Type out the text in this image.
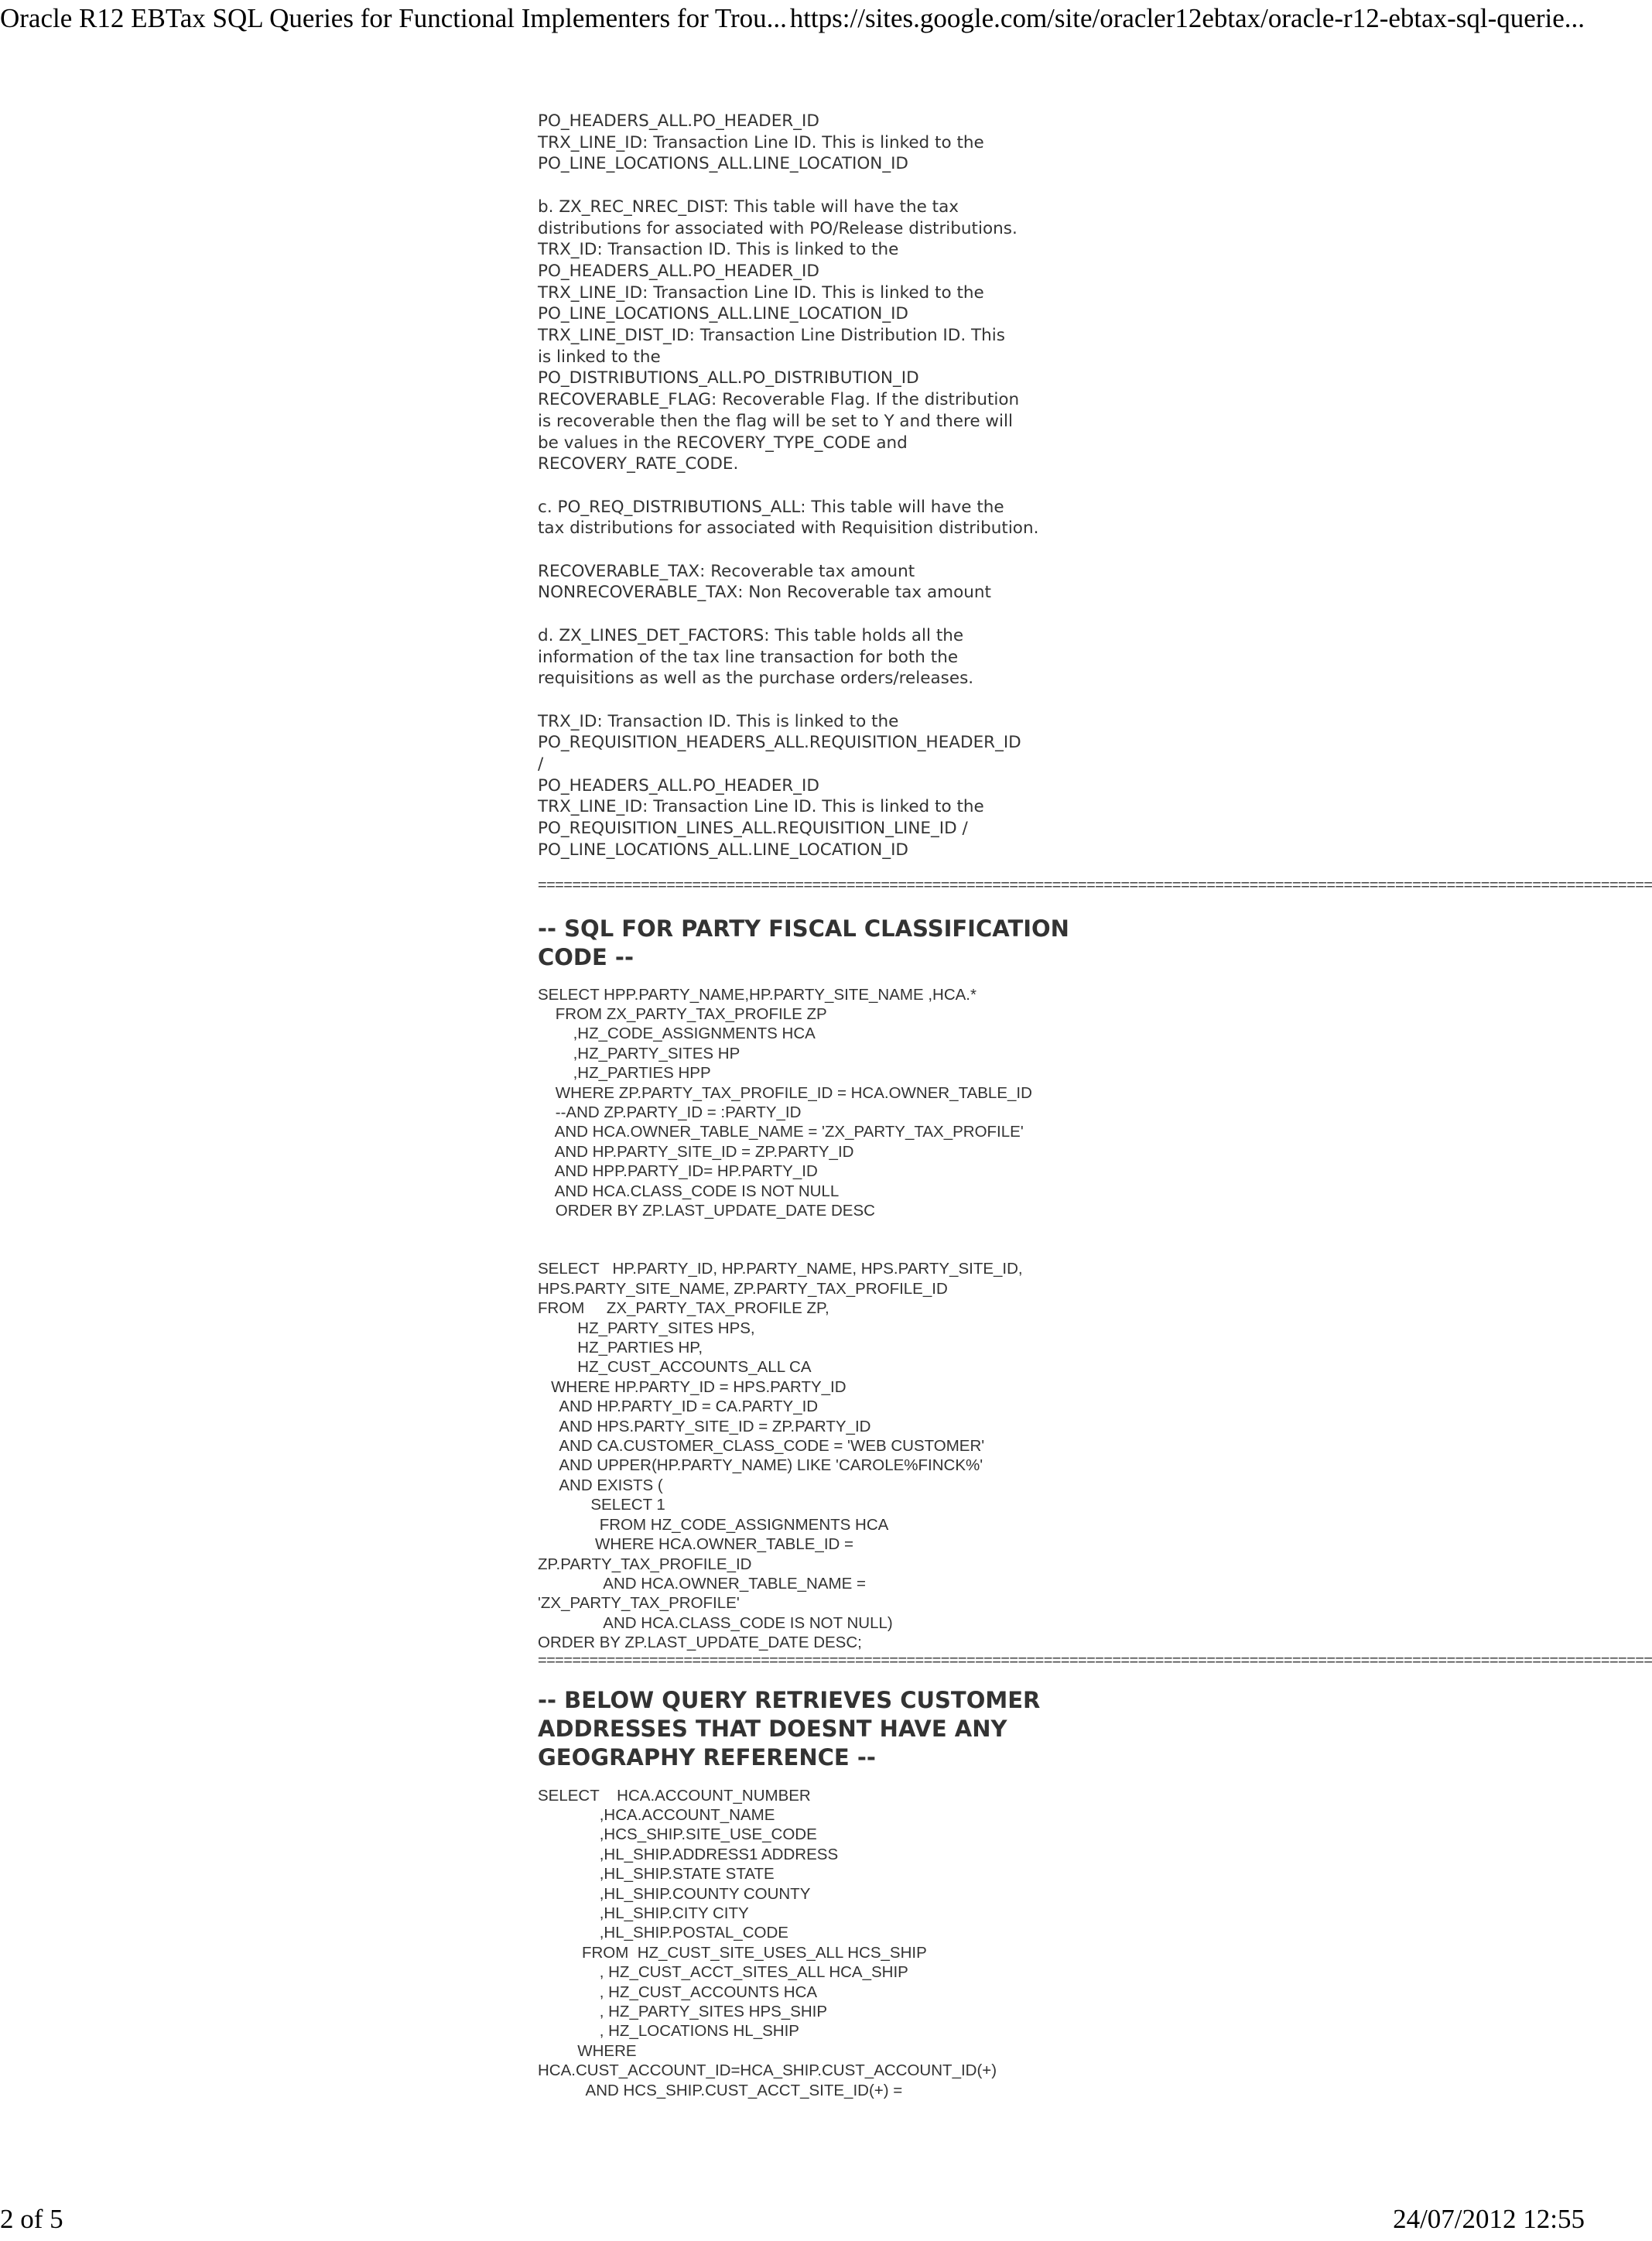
Oracle R12 EBTax SQL Queries for Functional Implementers for Trou... https://sites.google.com/site/oracler12ebtax/oracle-r12-ebtax-sql-querie...
PO_HEADERS_ALL.PO_HEADER_ID
TRX_LINE_ID: Transaction Line ID. This is linked to the
PO_LINE_LOCATIONS_ALL.LINE_LOCATION_ID
b. ZX_REC_NREC_DIST: This table will have the tax
distributions for associated with PO/Release distributions.
TRX_ID: Transaction ID. This is linked to the
PO_HEADERS_ALL.PO_HEADER_ID
TRX_LINE_ID: Transaction Line ID. This is linked to the
PO_LINE_LOCATIONS_ALL.LINE_LOCATION_ID
TRX_LINE_DIST_ID: Transaction Line Distribution ID. This
is linked to the
PO_DISTRIBUTIONS_ALL.PO_DISTRIBUTION_ID
RECOVERABLE_FLAG: Recoverable Flag. If the distribution
is recoverable then the flag will be set to Y and there will
be values in the RECOVERY_TYPE_CODE and
RECOVERY_RATE_CODE.
c. PO_REQ_DISTRIBUTIONS_ALL: This table will have the
tax distributions for associated with Requisition distribution.
RECOVERABLE_TAX: Recoverable tax amount
NONRECOVERABLE_TAX: Non Recoverable tax amount
d. ZX_LINES_DET_FACTORS: This table holds all the
information of the tax line transaction for both the
requisitions as well as the purchase orders/releases.
TRX_ID: Transaction ID. This is linked to the
PO_REQUISITION_HEADERS_ALL.REQUISITION_HEADER_ID
/
PO_HEADERS_ALL.PO_HEADER_ID
TRX_LINE_ID: Transaction Line ID. This is linked to the
PO_REQUISITION_LINES_ALL.REQUISITION_LINE_ID /
PO_LINE_LOCATIONS_ALL.LINE_LOCATION_ID
==================================================================================================================================
-- SQL FOR PARTY FISCAL CLASSIFICATION
CODE --
SELECT HPP.PARTY_NAME,HP.PARTY_SITE_NAME ,HCA.*
FROM ZX_PARTY_TAX_PROFILE ZP
,HZ_CODE_ASSIGNMENTS HCA
,HZ_PARTY_SITES HP
,HZ_PARTIES HPP
WHERE ZP.PARTY_TAX_PROFILE_ID = HCA.OWNER_TABLE_ID
--AND ZP.PARTY_ID = :PARTY_ID
AND HCA.OWNER_TABLE_NAME = 'ZX_PARTY_TAX_PROFILE'
AND HP.PARTY_SITE_ID = ZP.PARTY_ID
AND HPP.PARTY_ID= HP.PARTY_ID
AND HCA.CLASS_CODE IS NOT NULL
ORDER BY ZP.LAST_UPDATE_DATE DESC
SELECT   HP.PARTY_ID, HP.PARTY_NAME, HPS.PARTY_SITE_ID,
HPS.PARTY_SITE_NAME, ZP.PARTY_TAX_PROFILE_ID
FROM     ZX_PARTY_TAX_PROFILE ZP,
HZ_PARTY_SITES HPS,
HZ_PARTIES HP,
HZ_CUST_ACCOUNTS_ALL CA
WHERE HP.PARTY_ID = HPS.PARTY_ID
AND HP.PARTY_ID = CA.PARTY_ID
AND HPS.PARTY_SITE_ID = ZP.PARTY_ID
AND CA.CUSTOMER_CLASS_CODE = 'WEB CUSTOMER'
AND UPPER(HP.PARTY_NAME) LIKE 'CAROLE%FINCK%'
AND EXISTS (
SELECT 1
FROM HZ_CODE_ASSIGNMENTS HCA
WHERE HCA.OWNER_TABLE_ID =
ZP.PARTY_TAX_PROFILE_ID
AND HCA.OWNER_TABLE_NAME =
'ZX_PARTY_TAX_PROFILE'
AND HCA.CLASS_CODE IS NOT NULL)
ORDER BY ZP.LAST_UPDATE_DATE DESC;
==================================================================================================================================
-- BELOW QUERY RETRIEVES CUSTOMER
ADDRESSES THAT DOESNT HAVE ANY
GEOGRAPHY REFERENCE --
SELECT    HCA.ACCOUNT_NUMBER
,HCA.ACCOUNT_NAME
,HCS_SHIP.SITE_USE_CODE
,HL_SHIP.ADDRESS1 ADDRESS
,HL_SHIP.STATE STATE
,HL_SHIP.COUNTY COUNTY
,HL_SHIP.CITY CITY
,HL_SHIP.POSTAL_CODE
FROM  HZ_CUST_SITE_USES_ALL HCS_SHIP
, HZ_CUST_ACCT_SITES_ALL HCA_SHIP
, HZ_CUST_ACCOUNTS HCA
, HZ_PARTY_SITES HPS_SHIP
, HZ_LOCATIONS HL_SHIP
WHERE
HCA.CUST_ACCOUNT_ID=HCA_SHIP.CUST_ACCOUNT_ID(+)
AND HCS_SHIP.CUST_ACCT_SITE_ID(+) =
2 of 5	24/07/2012 12:55
